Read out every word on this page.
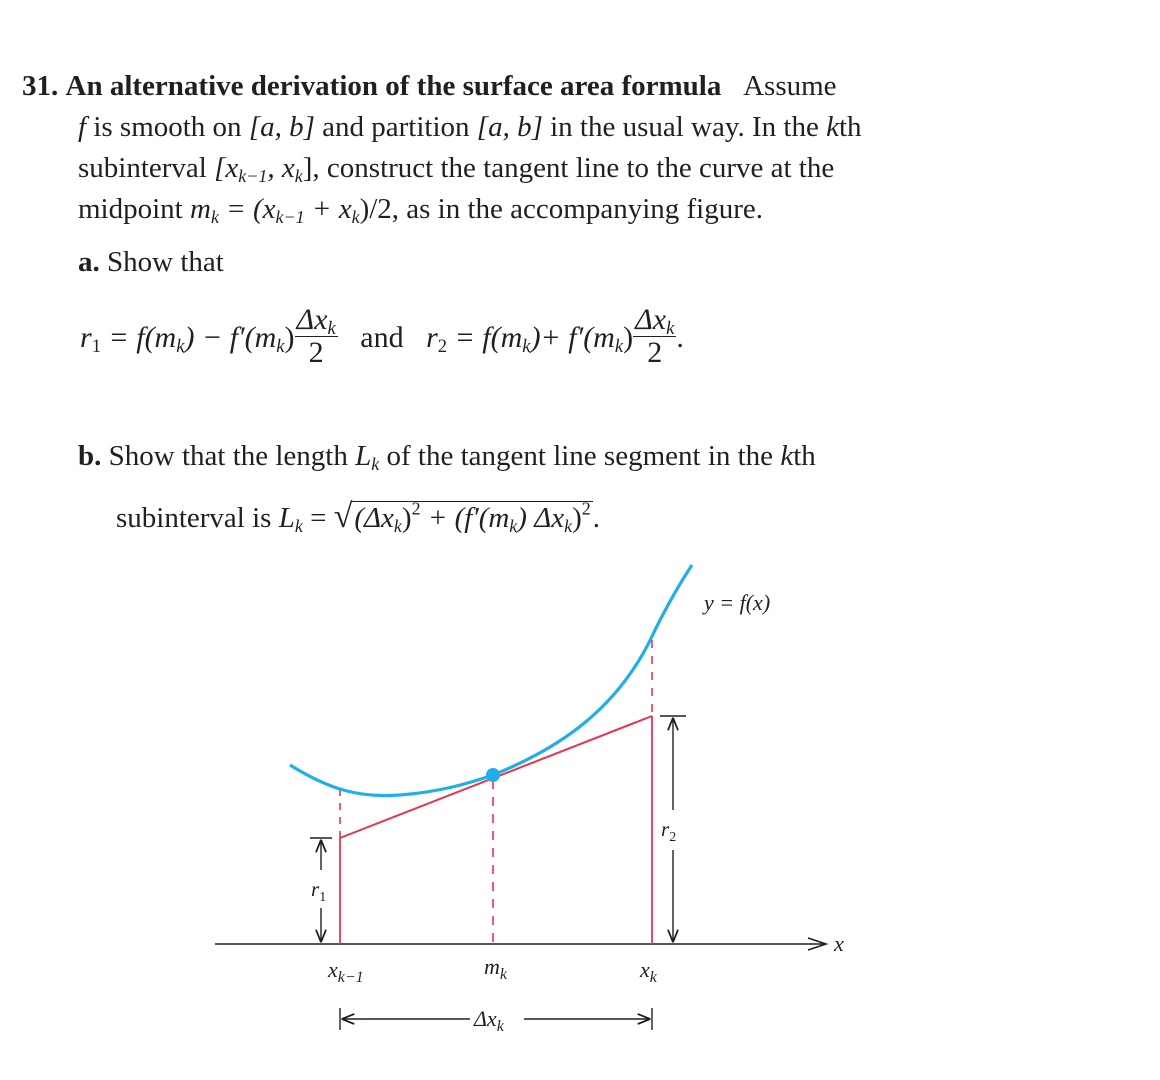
31. An alternative derivation of the surface area formula Assume
f is smooth on [a, b] and partition [a, b] in the usual way. In the kth
subinterval [$x_{k-1}$, $x_k$], construct the tangent line to the curve at the
midpoint $m_k = (x_{k-1} + x_k)/2$, as in the accompanying figure.
a. Show that
$r_1 = f(m_k) - f'(m_k) \frac{\Delta x_k}{2}$ and $r_2 = f(m_k)+ f'(m_k) \frac{\Delta x_k}{2}$ .
b. Show that the length $L_k$ of the tangent line segment in the kth
subinterval is $L_k = √(\Delta x_k)^2 + (f'(m_k)$ $\Delta x_k)^2$.
x
y = f(x)
$r_1$
$r_2$
$x_{k-1}$	$m_k$	$x_k$
$\Delta x_k$
